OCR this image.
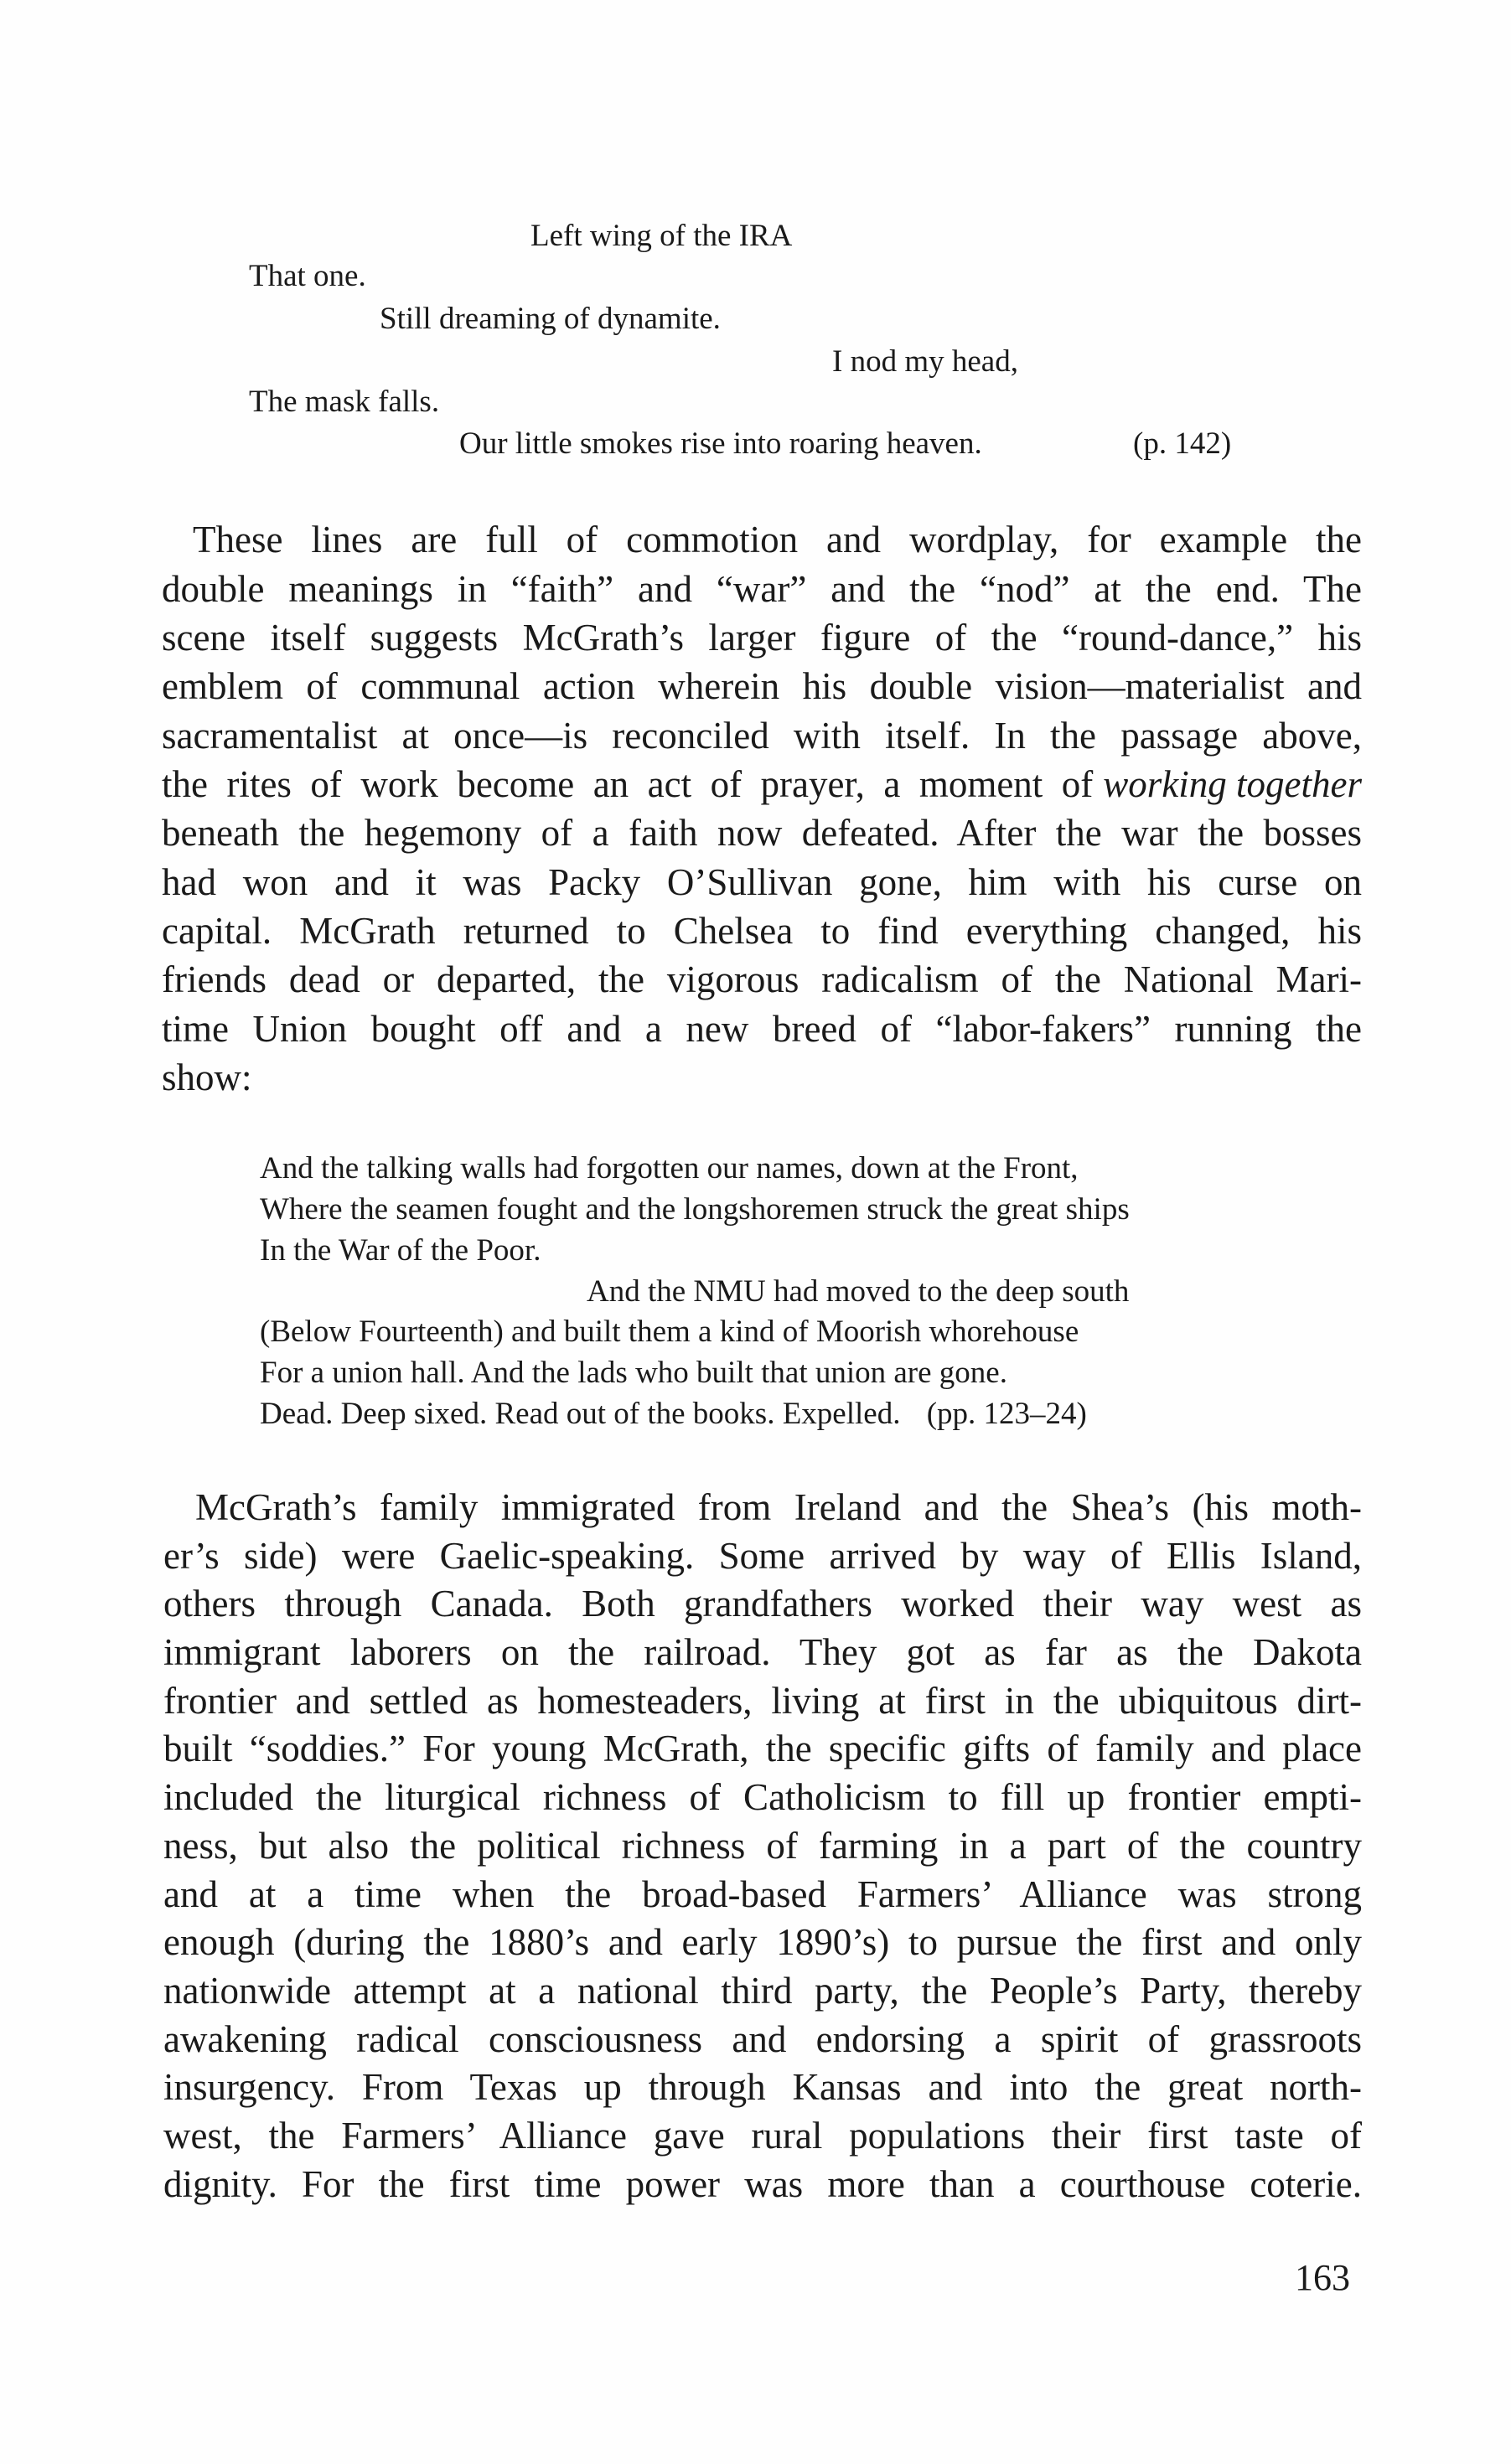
Left wing of the IRA
That one.
Still dreaming of dynamite.
I nod my head,
The mask falls.
Our little smokes rise into roaring heaven.	(p. 142)
These lines are full of commotion and wordplay, for example the
double meanings in “faith” and “war” and the “nod” at the end. The
scene itself suggests McGrath’s larger figure of the “round-dance,” his
emblem of communal action wherein his double vision—materialist and
sacramentalist at once—is reconciled with itself. In the passage above,
the rites of work become an act of prayer, a moment of working together
beneath the hegemony of a faith now defeated. After the war the bosses
had won and it was Packy O’Sullivan gone, him with his curse on
capital. McGrath returned to Chelsea to find everything changed, his
friends dead or departed, the vigorous radicalism of the National Mari-
time Union bought off and a new breed of “labor-fakers” running the
show:
And the talking walls had forgotten our names, down at the Front,
Where the seamen fought and the longshoremen struck the great ships
In the War of the Poor.
And the NMU had moved to the deep south
(Below Fourteenth) and built them a kind of Moorish whorehouse
For a union hall. And the lads who built that union are gone.
Dead. Deep sixed. Read out of the books. Expelled. (pp. 123–24)
McGrath’s family immigrated from Ireland and the Shea’s (his moth-
er’s side) were Gaelic-speaking. Some arrived by way of Ellis Island,
others through Canada. Both grandfathers worked their way west as
immigrant laborers on the railroad. They got as far as the Dakota
frontier and settled as homesteaders, living at first in the ubiquitous dirt-
built “soddies.” For young McGrath, the specific gifts of family and place
included the liturgical richness of Catholicism to fill up frontier empti-
ness, but also the political richness of farming in a part of the country
and at a time when the broad-based Farmers’ Alliance was strong
enough (during the 1880’s and early 1890’s) to pursue the first and only
nationwide attempt at a national third party, the People’s Party, thereby
awakening radical consciousness and endorsing a spirit of grassroots
insurgency. From Texas up through Kansas and into the great north-
west, the Farmers’ Alliance gave rural populations their first taste of
dignity. For the first time power was more than a courthouse coterie.
163
